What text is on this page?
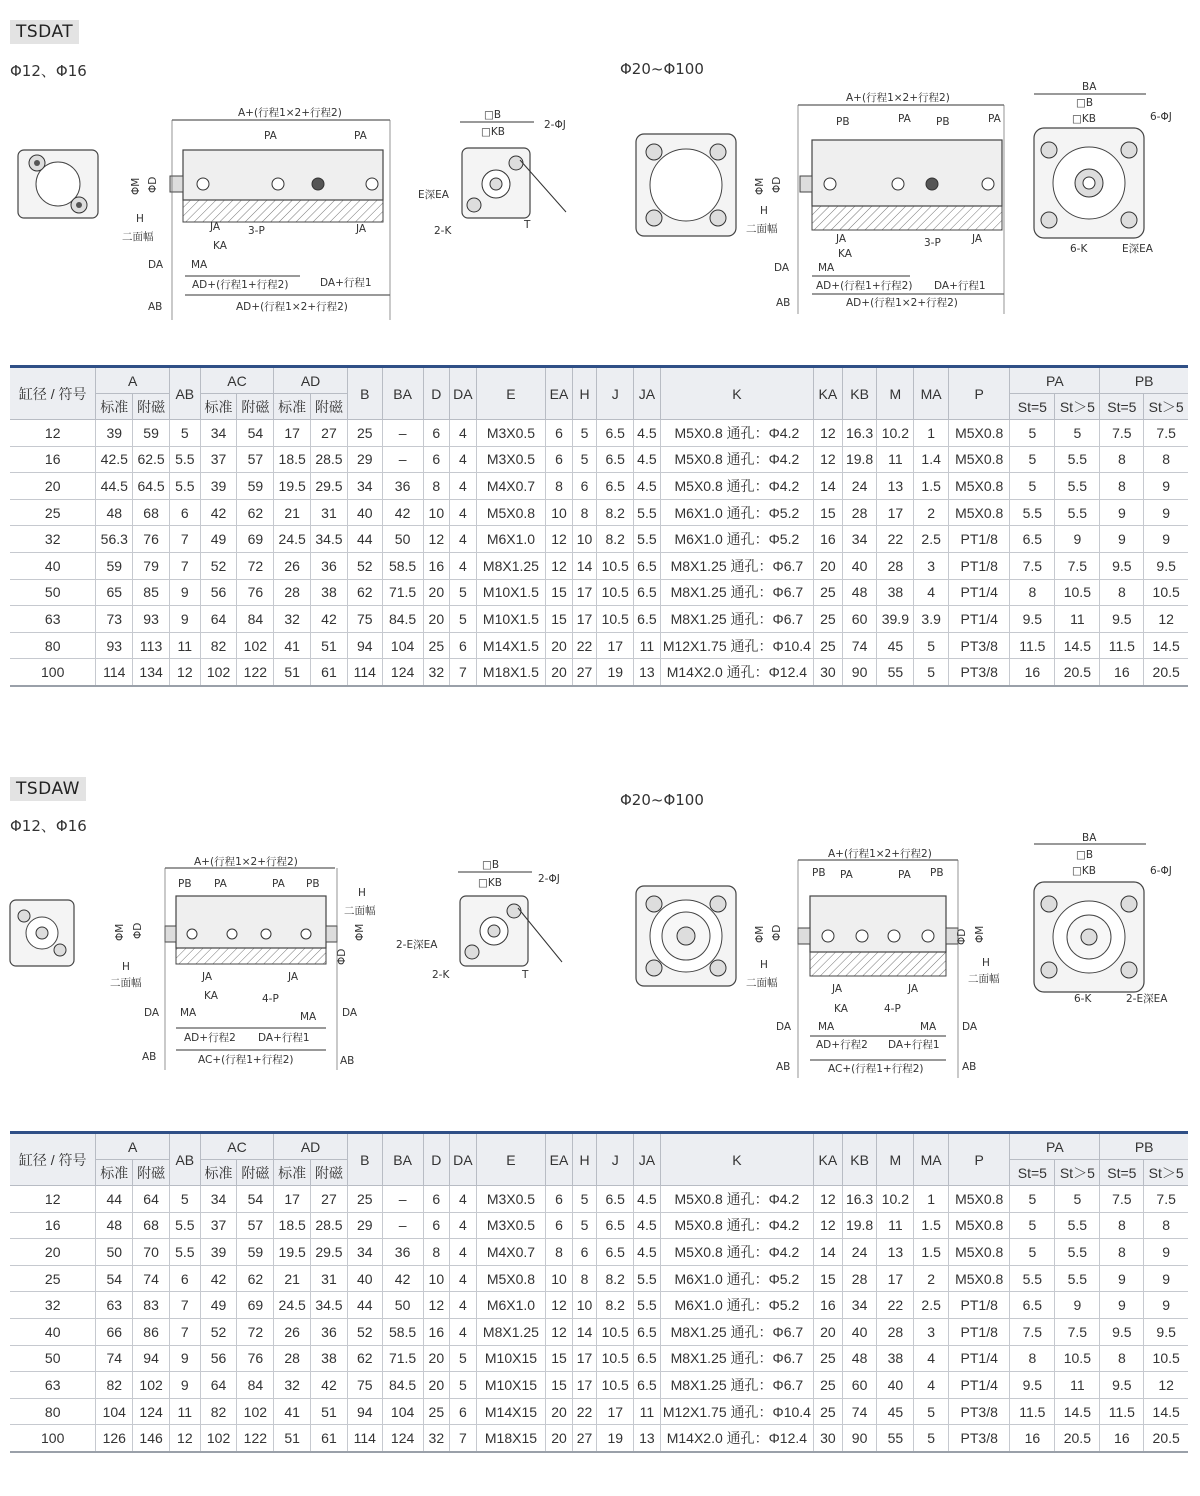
TSDAT
Φ12、Φ16	Φ20~Φ100
A+(行程1×2+行程2)
PA	PA
ΦM ΦD
H
二面幅
JA
KA
3-P	JA
DA	MA
AD+(行程1+行程2)	DA+行程1
AD+(行程1×2+行程2)
AB
□B
□KB
2-ΦJ
E深EA
2-K	T
A+(行程1×2+行程2)
PB	PA PB	PA
ΦM ΦD
H
二面幅
JA
KA
3-P	JA
DA	MA
AD+(行程1+行程2) DA+行程1
AD+(行程1×2+行程2)
AB
BA
□B
□KB	6-ΦJ
6-K	E深EA
缸径 / 符号	A		AB	AC		AD		B	BA	D	DA	E	EA	H	J	JA	K	KA	KB	M	MA	P	PA		PB	
	标准	附磁		标准	附磁	标准	附磁																St=5	St＞5	St=5	St＞5
12	39	59	5	34	54	17	27	25	–	6	4	M3X0.5	6	5	6.5	4.5	M5X0.8 通孔：Φ4.2	12	16.3	10.2	1	M5X0.8	5	5	7.5	7.5
16	42.5	62.5	5.5	37	57	18.5	28.5	29	–	6	4	M3X0.5	6	5	6.5	4.5	M5X0.8 通孔：Φ4.2	12	19.8	11	1.4	M5X0.8	5	5.5	8	8
20	44.5	64.5	5.5	39	59	19.5	29.5	34	36	8	4	M4X0.7	8	6	6.5	4.5	M5X0.8 通孔：Φ4.2	14	24	13	1.5	M5X0.8	5	5.5	8	9
25	48	68	6	42	62	21	31	40	42	10	4	M5X0.8	10	8	8.2	5.5	M6X1.0 通孔：Φ5.2	15	28	17	2	M5X0.8	5.5	5.5	9	9
32	56.3	76	7	49	69	24.5	34.5	44	50	12	4	M6X1.0	12	10	8.2	5.5	M6X1.0 通孔：Φ5.2	16	34	22	2.5	PT1/8	6.5	9	9	9
40	59	79	7	52	72	26	36	52	58.5	16	4	M8X1.25	12	14	10.5	6.5	M8X1.25 通孔：Φ6.7	20	40	28	3	PT1/8	7.5	7.5	9.5	9.5
50	65	85	9	56	76	28	38	62	71.5	20	5	M10X1.5	15	17	10.5	6.5	M8X1.25 通孔：Φ6.7	25	48	38	4	PT1/4	8	10.5	8	10.5
63	73	93	9	64	84	32	42	75	84.5	20	5	M10X1.5	15	17	10.5	6.5	M8X1.25 通孔：Φ6.7	25	60	39.9	3.9	PT1/4	9.5	11	9.5	12
80	93	113	11	82	102	41	51	94	104	25	6	M14X1.5	20	22	17	11	M12X1.75 通孔：Φ10.4	25	74	45	5	PT3/8	11.5	14.5	11.5	14.5
100	114	134	12	102	122	51	61	114	124	32	7	M18X1.5	20	27	19	13	M14X2.0 通孔：Φ12.4	30	90	55	5	PT3/8	16	20.5	16	20.5
TSDAW
Φ12、Φ16
Φ20~Φ100
A+(行程1×2+行程2)
PB PA	PA PB
ΦM ΦD	ΦM
ΦD
H
二面幅
H
二面幅	JA
KA	4-P
JA
DA MA	MA DA
AD+行程2 DA+行程1
AC+(行程1+行程2)
AB	AB
□B
□KB	2-ΦJ
2-E深EA
2-K	T
A+(行程1×2+行程2)
PB PA	PA PB
ΦM ΦD	ΦD ΦM
H
二面幅
H
二面幅
JA
KA	4-P
JA
DA	MA	MA DA
AD+行程2 DA+行程1
AC+(行程1+行程2)
AB	AB
BA
□B
□KB	6-ΦJ
6-K	2-E深EA
缸径 / 符号	A		AB	AC		AD		B	BA	D	DA	E	EA	H	J	JA	K	KA	KB	M	MA	P	PA		PB	
	标准	附磁		标准	附磁	标准	附磁																St=5	St＞5	St=5	St＞5
12	44	64	5	34	54	17	27	25	–	6	4	M3X0.5	6	5	6.5	4.5	M5X0.8 通孔：Φ4.2	12	16.3	10.2	1	M5X0.8	5	5	7.5	7.5
16	48	68	5.5	37	57	18.5	28.5	29	–	6	4	M3X0.5	6	5	6.5	4.5	M5X0.8 通孔：Φ4.2	12	19.8	11	1.5	M5X0.8	5	5.5	8	8
20	50	70	5.5	39	59	19.5	29.5	34	36	8	4	M4X0.7	8	6	6.5	4.5	M5X0.8 通孔：Φ4.2	14	24	13	1.5	M5X0.8	5	5.5	8	9
25	54	74	6	42	62	21	31	40	42	10	4	M5X0.8	10	8	8.2	5.5	M6X1.0 通孔：Φ5.2	15	28	17	2	M5X0.8	5.5	5.5	9	9
32	63	83	7	49	69	24.5	34.5	44	50	12	4	M6X1.0	12	10	8.2	5.5	M6X1.0 通孔：Φ5.2	16	34	22	2.5	PT1/8	6.5	9	9	9
40	66	86	7	52	72	26	36	52	58.5	16	4	M8X1.25	12	14	10.5	6.5	M8X1.25 通孔：Φ6.7	20	40	28	3	PT1/8	7.5	7.5	9.5	9.5
50	74	94	9	56	76	28	38	62	71.5	20	5	M10X15	15	17	10.5	6.5	M8X1.25 通孔：Φ6.7	25	48	38	4	PT1/4	8	10.5	8	10.5
63	82	102	9	64	84	32	42	75	84.5	20	5	M10X15	15	17	10.5	6.5	M8X1.25 通孔：Φ6.7	25	60	40	4	PT1/4	9.5	11	9.5	12
80	104	124	11	82	102	41	51	94	104	25	6	M14X15	20	22	17	11	M12X1.75 通孔：Φ10.4	25	74	45	5	PT3/8	11.5	14.5	11.5	14.5
100	126	146	12	102	122	51	61	114	124	32	7	M18X15	20	27	19	13	M14X2.0 通孔：Φ12.4	30	90	55	5	PT3/8	16	20.5	16	20.5
